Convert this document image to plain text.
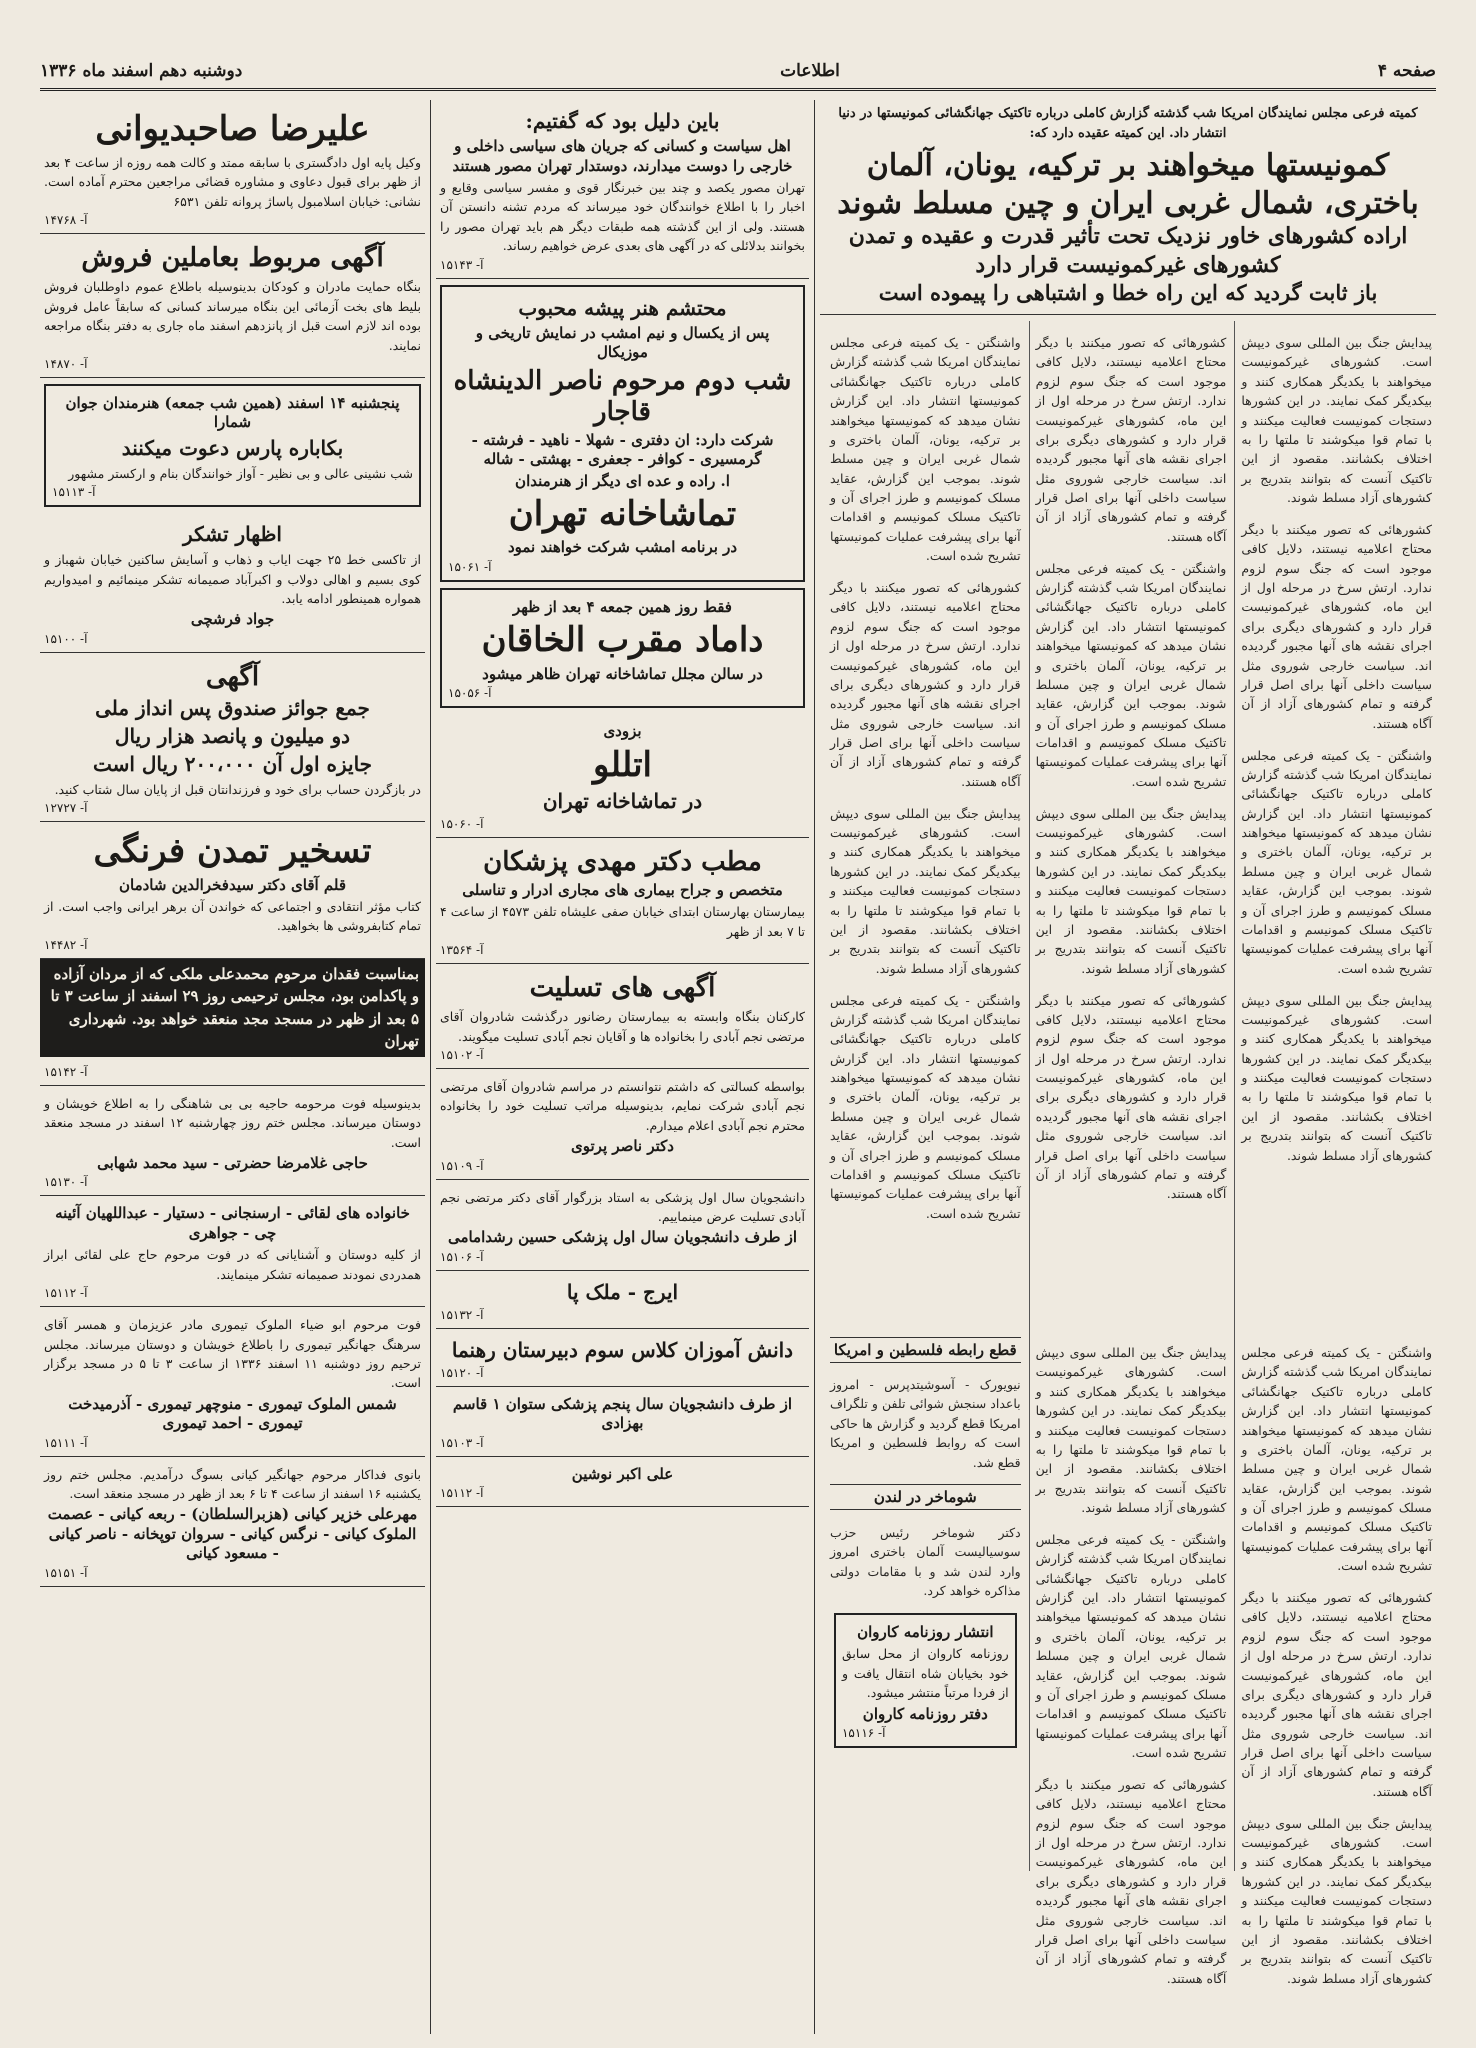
صفحه ۴
اطلاعات
دوشنبه دهم اسفند ماه ۱۳۳۶
کمیته فرعی مجلس نمایندگان امریکا شب گذشته گزارش کاملی درباره تاکتیک جهانگشائی کمونیستها در دنیا انتشار داد. این کمیته عقیده دارد که:
کمونیستها میخواهند بر ترکیه، یونان، آلمان
باختری، شمال غربی ایران و چین مسلط شوند
اراده کشورهای خاور نزدیک تحت تأثیر قدرت و عقیده و تمدن
کشورهای غیرکمونیست قرار دارد
باز ثابت گردید که این راه خطا و اشتباهی را پیموده است

پیدایش جنگ بین المللی سوی دیپش است. کشورهای غیرکمونیست میخواهند با یکدیگر همکاری کنند و بیکدیگر کمک نمایند. در این کشورها دستجات کمونیست فعالیت میکنند و با تمام قوا میکوشند تا ملتها را به اختلاف بکشانند. مقصود از این تاکتیک آنست که بتوانند بتدریج بر کشورهای آزاد مسلط شوند.

کشورهائی که تصور میکنند با دیگر محتاج اعلامیه نیستند، دلایل کافی موجود است که جنگ سوم لزوم ندارد. ارتش سرخ در مرحله اول از این ماه، کشورهای غیرکمونیست قرار دارد و کشورهای دیگری برای اجرای نقشه های آنها مجبور گردیده اند. سیاست خارجی شوروی مثل سیاست داخلی آنها برای اصل قرار گرفته و تمام کشورهای آزاد از آن آگاه هستند.

واشنگتن - یک کمیته فرعی مجلس نمایندگان امریکا شب گذشته گزارش کاملی درباره تاکتیک جهانگشائی کمونیستها انتشار داد. این گزارش نشان میدهد که کمونیستها میخواهند بر ترکیه، یونان، آلمان باختری و شمال غربی ایران و چین مسلط شوند. بموجب این گزارش، عقاید مسلک کمونیسم و طرز اجرای آن و تاکتیک مسلک کمونیسم و اقدامات آنها برای پیشرفت عملیات کمونیستها تشریح شده است.

پیدایش جنگ بین المللی سوی دیپش است. کشورهای غیرکمونیست میخواهند با یکدیگر همکاری کنند و بیکدیگر کمک نمایند. در این کشورها دستجات کمونیست فعالیت میکنند و با تمام قوا میکوشند تا ملتها را به اختلاف بکشانند. مقصود از این تاکتیک آنست که بتوانند بتدریج بر کشورهای آزاد مسلط شوند.

کشورهائی که تصور میکنند با دیگر محتاج اعلامیه نیستند، دلایل کافی موجود است که جنگ سوم لزوم ندارد. ارتش سرخ در مرحله اول از این ماه، کشورهای غیرکمونیست قرار دارد و کشورهای دیگری برای اجرای نقشه های آنها مجبور گردیده اند. سیاست خارجی شوروی مثل سیاست داخلی آنها برای اصل قرار گرفته و تمام کشورهای آزاد از آن آگاه هستند.

واشنگتن - یک کمیته فرعی مجلس نمایندگان امریکا شب گذشته گزارش کاملی درباره تاکتیک جهانگشائی کمونیستها انتشار داد. این گزارش نشان میدهد که کمونیستها میخواهند بر ترکیه، یونان، آلمان باختری و شمال غربی ایران و چین مسلط شوند. بموجب این گزارش، عقاید مسلک کمونیسم و طرز اجرای آن و تاکتیک مسلک کمونیسم و اقدامات آنها برای پیشرفت عملیات کمونیستها تشریح شده است.

پیدایش جنگ بین المللی سوی دیپش است. کشورهای غیرکمونیست میخواهند با یکدیگر همکاری کنند و بیکدیگر کمک نمایند. در این کشورها دستجات کمونیست فعالیت میکنند و با تمام قوا میکوشند تا ملتها را به اختلاف بکشانند. مقصود از این تاکتیک آنست که بتوانند بتدریج بر کشورهای آزاد مسلط شوند.

کشورهائی که تصور میکنند با دیگر محتاج اعلامیه نیستند، دلایل کافی موجود است که جنگ سوم لزوم ندارد. ارتش سرخ در مرحله اول از این ماه، کشورهای غیرکمونیست قرار دارد و کشورهای دیگری برای اجرای نقشه های آنها مجبور گردیده اند. سیاست خارجی شوروی مثل سیاست داخلی آنها برای اصل قرار گرفته و تمام کشورهای آزاد از آن آگاه هستند.

واشنگتن - یک کمیته فرعی مجلس نمایندگان امریکا شب گذشته گزارش کاملی درباره تاکتیک جهانگشائی کمونیستها انتشار داد. این گزارش نشان میدهد که کمونیستها میخواهند بر ترکیه، یونان، آلمان باختری و شمال غربی ایران و چین مسلط شوند. بموجب این گزارش، عقاید مسلک کمونیسم و طرز اجرای آن و تاکتیک مسلک کمونیسم و اقدامات آنها برای پیشرفت عملیات کمونیستها تشریح شده است.

کشورهائی که تصور میکنند با دیگر محتاج اعلامیه نیستند، دلایل کافی موجود است که جنگ سوم لزوم ندارد. ارتش سرخ در مرحله اول از این ماه، کشورهای غیرکمونیست قرار دارد و کشورهای دیگری برای اجرای نقشه های آنها مجبور گردیده اند. سیاست خارجی شوروی مثل سیاست داخلی آنها برای اصل قرار گرفته و تمام کشورهای آزاد از آن آگاه هستند.

پیدایش جنگ بین المللی سوی دیپش است. کشورهای غیرکمونیست میخواهند با یکدیگر همکاری کنند و بیکدیگر کمک نمایند. در این کشورها دستجات کمونیست فعالیت میکنند و با تمام قوا میکوشند تا ملتها را به اختلاف بکشانند. مقصود از این تاکتیک آنست که بتوانند بتدریج بر کشورهای آزاد مسلط شوند.

واشنگتن - یک کمیته فرعی مجلس نمایندگان امریکا شب گذشته گزارش کاملی درباره تاکتیک جهانگشائی کمونیستها انتشار داد. این گزارش نشان میدهد که کمونیستها میخواهند بر ترکیه، یونان، آلمان باختری و شمال غربی ایران و چین مسلط شوند. بموجب این گزارش، عقاید مسلک کمونیسم و طرز اجرای آن و تاکتیک مسلک کمونیسم و اقدامات آنها برای پیشرفت عملیات کمونیستها تشریح شده است.

واشنگتن - یک کمیته فرعی مجلس نمایندگان امریکا شب گذشته گزارش کاملی درباره تاکتیک جهانگشائی کمونیستها انتشار داد. این گزارش نشان میدهد که کمونیستها میخواهند بر ترکیه، یونان، آلمان باختری و شمال غربی ایران و چین مسلط شوند. بموجب این گزارش، عقاید مسلک کمونیسم و طرز اجرای آن و تاکتیک مسلک کمونیسم و اقدامات آنها برای پیشرفت عملیات کمونیستها تشریح شده است.

کشورهائی که تصور میکنند با دیگر محتاج اعلامیه نیستند، دلایل کافی موجود است که جنگ سوم لزوم ندارد. ارتش سرخ در مرحله اول از این ماه، کشورهای غیرکمونیست قرار دارد و کشورهای دیگری برای اجرای نقشه های آنها مجبور گردیده اند. سیاست خارجی شوروی مثل سیاست داخلی آنها برای اصل قرار گرفته و تمام کشورهای آزاد از آن آگاه هستند.

پیدایش جنگ بین المللی سوی دیپش است. کشورهای غیرکمونیست میخواهند با یکدیگر همکاری کنند و بیکدیگر کمک نمایند. در این کشورها دستجات کمونیست فعالیت میکنند و با تمام قوا میکوشند تا ملتها را به اختلاف بکشانند. مقصود از این تاکتیک آنست که بتوانند بتدریج بر کشورهای آزاد مسلط شوند.

پیدایش جنگ بین المللی سوی دیپش است. کشورهای غیرکمونیست میخواهند با یکدیگر همکاری کنند و بیکدیگر کمک نمایند. در این کشورها دستجات کمونیست فعالیت میکنند و با تمام قوا میکوشند تا ملتها را به اختلاف بکشانند. مقصود از این تاکتیک آنست که بتوانند بتدریج بر کشورهای آزاد مسلط شوند.

واشنگتن - یک کمیته فرعی مجلس نمایندگان امریکا شب گذشته گزارش کاملی درباره تاکتیک جهانگشائی کمونیستها انتشار داد. این گزارش نشان میدهد که کمونیستها میخواهند بر ترکیه، یونان، آلمان باختری و شمال غربی ایران و چین مسلط شوند. بموجب این گزارش، عقاید مسلک کمونیسم و طرز اجرای آن و تاکتیک مسلک کمونیسم و اقدامات آنها برای پیشرفت عملیات کمونیستها تشریح شده است.

کشورهائی که تصور میکنند با دیگر محتاج اعلامیه نیستند، دلایل کافی موجود است که جنگ سوم لزوم ندارد. ارتش سرخ در مرحله اول از این ماه، کشورهای غیرکمونیست قرار دارد و کشورهای دیگری برای اجرای نقشه های آنها مجبور گردیده اند. سیاست خارجی شوروی مثل سیاست داخلی آنها برای اصل قرار گرفته و تمام کشورهای آزاد از آن آگاه هستند.

قطع رابطه فلسطین و امریکا

نیویورک - آسوشیتدپرس - امروز باعداد سنجش شوائی تلفن و تلگراف امریکا قطع گردید و گزارش ها حاکی است که روابط فلسطین و امریکا قطع شد.

شوماخر در لندن

دکتر شوماخر رئیس حزب سوسیالیست آلمان باختری امروز وارد لندن شد و با مقامات دولتی مذاکره خواهد کرد.

انتشار روزنامه کاروان

روزنامه کاروان از محل سابق خود بخیابان شاه انتقال یافت و از فردا مرتباً منتشر میشود.

دفتر روزنامه کاروان
آ- ۱۵۱۱۶
باین دلیل بود که گفتیم:
اهل سیاست و کسانی که جریان های سیاسی داخلی و خارجی را دوست میدارند، دوستدار تهران مصور هستند

تهران مصور یکصد و چند بین خبرنگار قوی و مفسر سیاسی وقایع و اخبار را با اطلاع خوانندگان خود میرساند که مردم تشنه دانستن آن هستند. ولی از این گذشته همه طبقات دیگر هم باید تهران مصور را بخوانند بدلائلی که در آگهی های بعدی عرض خواهیم رساند.

آ- ۱۵۱۴۳
محتشم هنر پیشه محبوب
پس از یکسال و نیم امشب در نمایش تاریخی و موزیکال
شب دوم مرحوم ناصر الدینشاه قاجار
شرکت دارد: ان دفتری - شهلا - ناهید - فرشته - گرمسیری - کوافر - جعفری - بهشتی - شاله
ا. راده و عده ای دیگر از هنرمندان
تماشاخانه تهران
در برنامه امشب شرکت خواهند نمود
آ- ۱۵۰۶۱
فقط روز همین جمعه ۴ بعد از ظهر
داماد مقرب الخاقان
در سالن مجلل تماشاخانه تهران ظاهر میشود
آ- ۱۵۰۵۶
بزودی
اتللو
در تماشاخانه تهران
آ- ۱۵۰۶۰
مطب دکتر مهدی پزشکان
متخصص و جراح بیماری های مجاری ادرار و تناسلی

بیمارستان بهارستان ابتدای خیابان صفی علیشاه تلفن ۴۵۷۳ از ساعت ۴ تا ۷ بعد از ظهر

آ- ۱۳۵۶۴
آگهی های تسلیت

کارکنان بنگاه وابسته به بیمارستان رضانور درگذشت شادروان آقای مرتضی نجم آبادی را بخانواده ها و آقایان نجم آبادی تسلیت میگویند.

آ- ۱۵۱۰۲

بواسطه کسالتی که داشتم نتوانستم در مراسم شادروان آقای مرتضی نجم آبادی شرکت نمایم، بدینوسیله مراتب تسلیت خود را بخانواده محترم نجم آبادی اعلام میدارم.

دکتر ناصر پرتوی
آ- ۱۵۱۰۹

دانشجویان سال اول پزشکی به استاد بزرگوار آقای دکتر مرتضی نجم آبادی تسلیت عرض مینماییم.

از طرف دانشجویان سال اول پزشکی حسین رشدامامی
آ- ۱۵۱۰۶
ایرج - ملک پا
آ- ۱۵۱۳۲
دانش آموزان کلاس سوم دبیرستان رهنما
آ- ۱۵۱۲۰
از طرف دانشجویان سال پنجم پزشکی ستوان ۱ قاسم بهزادی
آ- ۱۵۱۰۳
علی اکبر نوشین
آ- ۱۵۱۱۲
علیرضا صاحبدیوانی

وکیل پایه اول دادگستری با سابقه ممتد و کالت همه روزه از ساعت ۴ بعد از ظهر برای قبول دعاوی و مشاوره قضائی مراجعین محترم آماده است. نشانی: خیابان اسلامبول پاساژ پروانه تلفن ۶۵۳۱

آ- ۱۴۷۶۸
آگهی مربوط بعاملین فروش

بنگاه حمایت مادران و کودکان بدینوسیله باطلاع عموم داوطلبان فروش بلیط های بخت آزمائی این بنگاه میرساند کسانی که سابقاً عامل فروش بوده اند لازم است قبل از پانزدهم اسفند ماه جاری به دفتر بنگاه مراجعه نمایند.

آ- ۱۴۸۷۰
پنجشنبه ۱۴ اسفند (همین شب جمعه) هنرمندان جوان شمارا
بکاباره پارس دعوت میکنند

شب نشینی عالی و بی نظیر - آواز خوانندگان بنام و ارکستر مشهور

آ- ۱۵۱۱۳
اظهار تشکر

از تاکسی خط ۲۵ جهت ایاب و ذهاب و آسایش ساکنین خیابان شهباز و کوی بسیم و اهالی دولاب و اکبرآباد صمیمانه تشکر مینمائیم و امیدواریم همواره همینطور ادامه یابد.

جواد فرشچی
آ- ۱۵۱۰۰
آگهی
جمع جوائز صندوق پس انداز ملی
دو میلیون و پانصد هزار ریال
جایزه اول آن ۲۰۰،۰۰۰ ریال است

در بازگردن حساب برای خود و فرزندانتان قبل از پایان سال شتاب کنید.

آ- ۱۲۷۲۷
تسخیر تمدن فرنگی
قلم آقای دکتر سیدفخرالدین شادمان

کتاب مؤثر انتقادی و اجتماعی که خواندن آن برهر ایرانی واجب است. از تمام کتابفروشی ها بخواهید.

آ- ۱۴۴۸۲
بمناسبت فقدان مرحوم محمدعلی ملکی که از مردان آزاده و پاکدامن بود، مجلس ترحیمی روز ۲۹ اسفند از ساعت ۳ تا ۵ بعد از ظهر در مسجد مجد منعقد خواهد بود. شهرداری تهران
آ- ۱۵۱۴۲

بدینوسیله فوت مرحومه حاجیه بی بی شاهنگی را به اطلاع خویشان و دوستان میرساند. مجلس ختم روز چهارشنبه ۱۲ اسفند در مسجد منعقد است.

حاجی غلامرضا حضرتی - سید محمد شهابی
آ- ۱۵۱۳۰
خانواده های لقائی - ارسنجانی - دستیار - عبداللهیان آئینه چی - جواهری

از کلیه دوستان و آشنایانی که در فوت مرحوم حاج علی لقائی ابراز همدردی نمودند صمیمانه تشکر مینمایند.

آ- ۱۵۱۱۲

فوت مرحوم ابو ضیاء الملوک تیموری مادر عزیزمان و همسر آقای سرهنگ جهانگیر تیموری را باطلاع خویشان و دوستان میرساند. مجلس ترحیم روز دوشنبه ۱۱ اسفند ۱۳۳۶ از ساعت ۳ تا ۵ در مسجد برگزار است.

شمس الملوک تیموری - منوچهر تیموری - آذرمیدخت تیموری - احمد تیموری
آ- ۱۵۱۱۱

بانوی فداکار مرحوم جهانگیر کیانی بسوگ درآمدیم. مجلس ختم روز یکشنبه ۱۶ اسفند از ساعت ۴ تا ۶ بعد از ظهر در مسجد منعقد است.

مهرعلی خزیر کیانی (هزبرالسلطان) - ربعه کیانی - عصمت الملوک کیانی - نرگس کیانی - سروان توپخانه - ناصر کیانی - مسعود کیانی
آ- ۱۵۱۵۱
